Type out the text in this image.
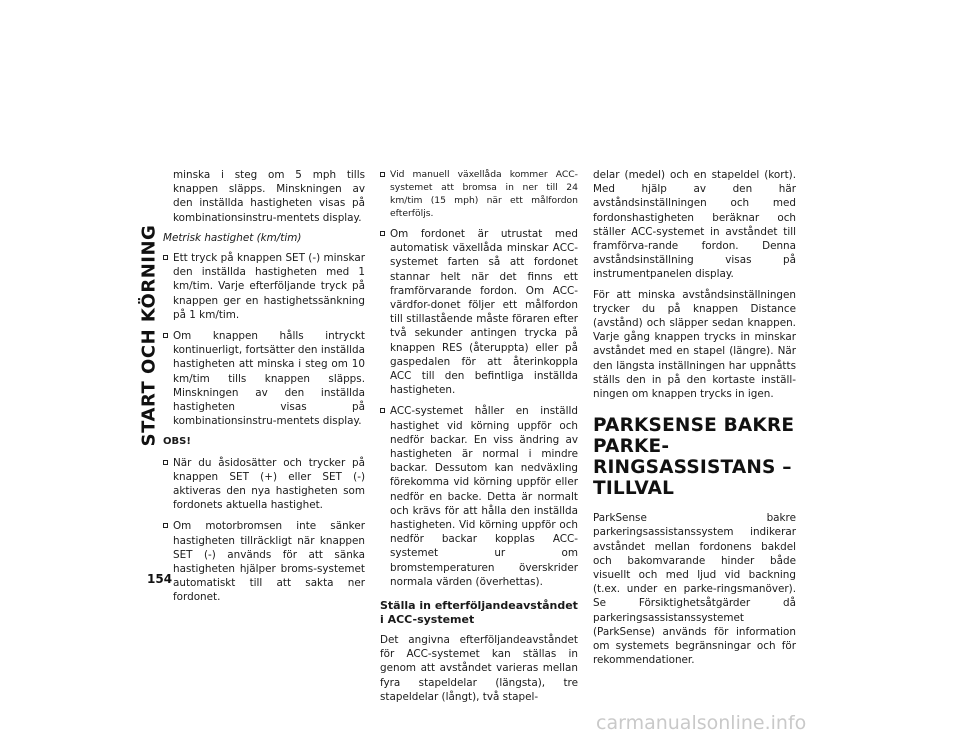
START OCH KÖRNING
154

minska i steg om 5 mph tills knappen släpps. Minskningen av den inställda hastigheten visas på kombinationsinstru-mentets display.

Metrisk hastighet (km/tim)

Ett tryck på knappen SET (-) minskar den inställda hastigheten med 1 km/tim. Varje efterföljande tryck på knappen ger en hastighetssänkning på 1 km/tim.
Om knappen hålls intryckt kontinuerligt, fortsätter den inställda hastigheten att minska i steg om 10 km/tim tills knappen släpps. Minskningen av den inställda hastigheten visas på kombinationsinstru-mentets display.

OBS!

När du åsidosätter och trycker på knappen SET (+) eller SET (-) aktiveras den nya hastigheten som fordonets aktuella hastighet.
Om motorbromsen inte sänker hastigheten tillräckligt när knappen SET (-) används för att sänka hastigheten hjälper broms-systemet automatiskt till att sakta ner fordonet.
Vid manuell växellåda kommer ACC-systemet att bromsa in ner till 24 km/tim (15 mph) när ett målfordon efterföljs.
Om fordonet är utrustat med automatisk växellåda minskar ACC-systemet farten så att fordonet stannar helt när det finns ett framförvarande fordon. Om ACC-värdfor-donet följer ett målfordon till stillastående måste föraren efter två sekunder antingen trycka på knappen RES (återuppta) eller på gaspedalen för att återinkoppla ACC till den befintliga inställda hastigheten.
ACC-systemet håller en inställd hastighet vid körning uppför och nedför backar. En viss ändring av hastigheten är normal i mindre backar. Dessutom kan nedväxling förekomma vid körning uppför eller nedför en backe. Detta är normalt och krävs för att hålla den inställda hastigheten. Vid körning uppför och nedför backar kopplas ACC-systemet ur om bromstemperaturen överskrider normala värden (överhettas).
Ställa in efterföljandeavståndet i ACC-systemet

Det angivna efterföljandeavståndet för ACC-systemet kan ställas in genom att avståndet varieras mellan fyra stapeldelar (längsta), tre stapeldelar (långt), två stapel-

delar (medel) och en stapeldel (kort). Med hjälp av den här avståndsinställningen och med fordonshastigheten beräknar och ställer ACC-systemet in avståndet till framförva-rande fordon. Denna avståndsinställning visas på instrumentpanelen display.

För att minska avståndsinställningen trycker du på knappen Distance (avstånd) och släpper sedan knappen. Varje gång knappen trycks in minskar avståndet med en stapel (längre). När den längsta inställningen har uppnåtts ställs den in på den kortaste inställ-ningen om knappen trycks in igen.

PARKSENSE BAKRE PARKE-RINGSASSISTANS – TILLVAL

ParkSense bakre parkeringsassistanssystem indikerar avståndet mellan fordonens bakdel och bakomvarande hinder både visuellt och med ljud vid backning (t.ex. under en parke-ringsmanöver). Se Försiktighetsåtgärder då parkeringsassistanssystemet (ParkSense) används för information om systemets begränsningar och för rekommendationer.

carmanualsonline.info
